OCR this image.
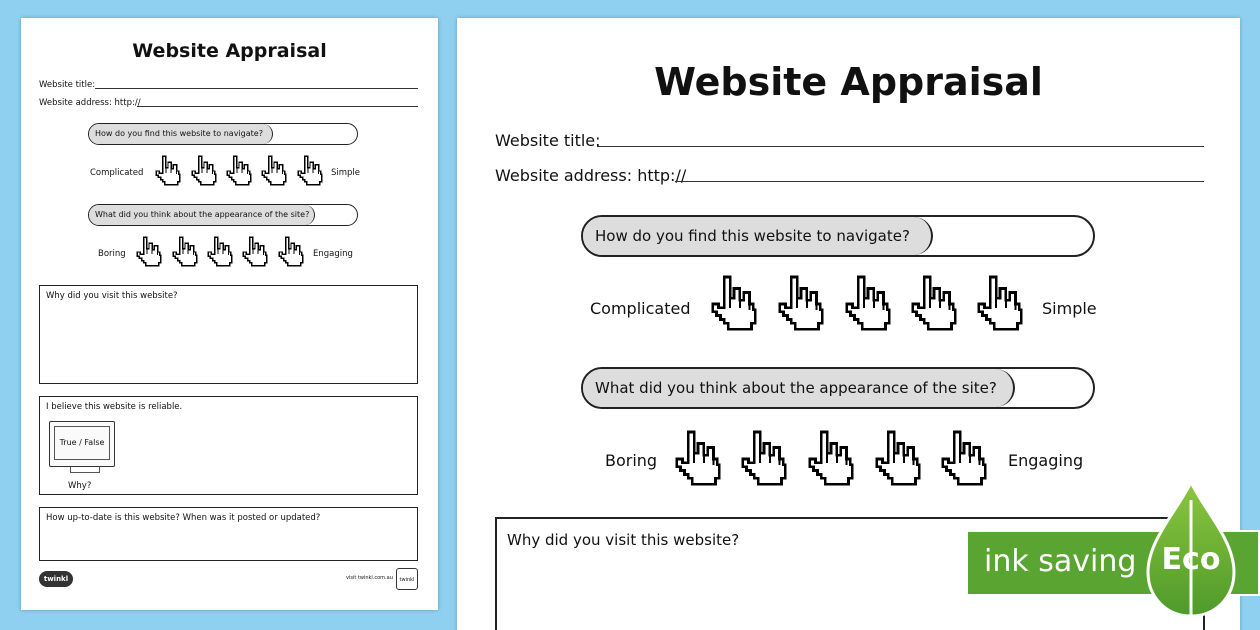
Website Appraisal
Website title:
Website address: http://
How do you find this website to navigate?
Complicated	Simple
What did you think about the appearance of the site?
Boring	Engaging
Why did you visit this website?
I believe this website is reliable.
True / False
Why?
How up-to-date is this website? When was it posted or updated?
twinkl	visit twinkl.com.au	twinkl
Website Appraisal
Website title:
Website address: http://
How do you find this website to navigate?
Complicated	Simple
What did you think about the appearance of the site?
Boring	Engaging
Why did you visit this website?
ink saving Eco
